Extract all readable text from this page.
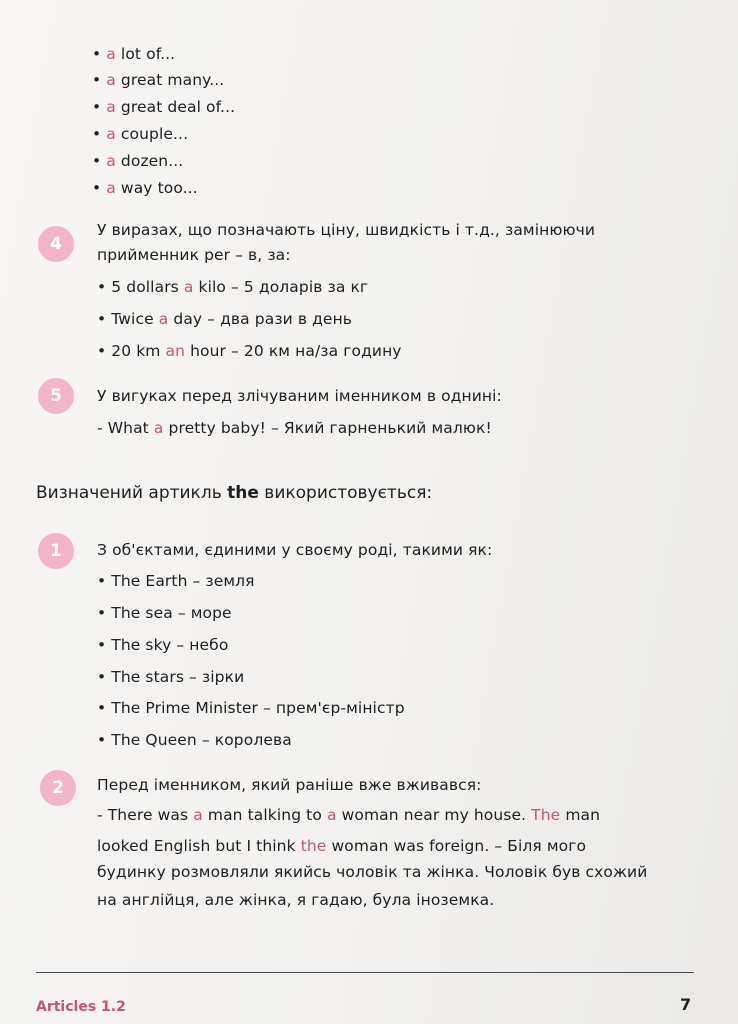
• a lot of...
• a great many...
• a great deal of...
• a couple...
• a dozen...
• a way too...
4
У виразах, що позначають ціну, швидкість і т.д., замінюючи
прийменник per – в, за:
• 5 dollars a kilo – 5 доларів за кг
• Twice a day – два рази в день
• 20 km an hour – 20 км на/за годину
5	У вигуках перед злічуваним іменником в однині:
- What a pretty baby! – Який гарненький малюк!
Визначений артикль the використовується:
1	З об'єктами, єдиними у своєму роді, такими як:
• The Earth – земля
• The sea – море
• The sky – небо
• The stars – зірки
• The Prime Minister – прем'єр-міністр
• The Queen – королева
2	Перед іменником, який раніше вже вживався:
- There was a man talking to a woman near my house. The man
looked English but I think the woman was foreign. – Біля мого
будинку розмовляли якийсь чоловік та жінка. Чоловік був схожий
на англійця, але жінка, я гадаю, була іноземка.
Articles 1.2	7
